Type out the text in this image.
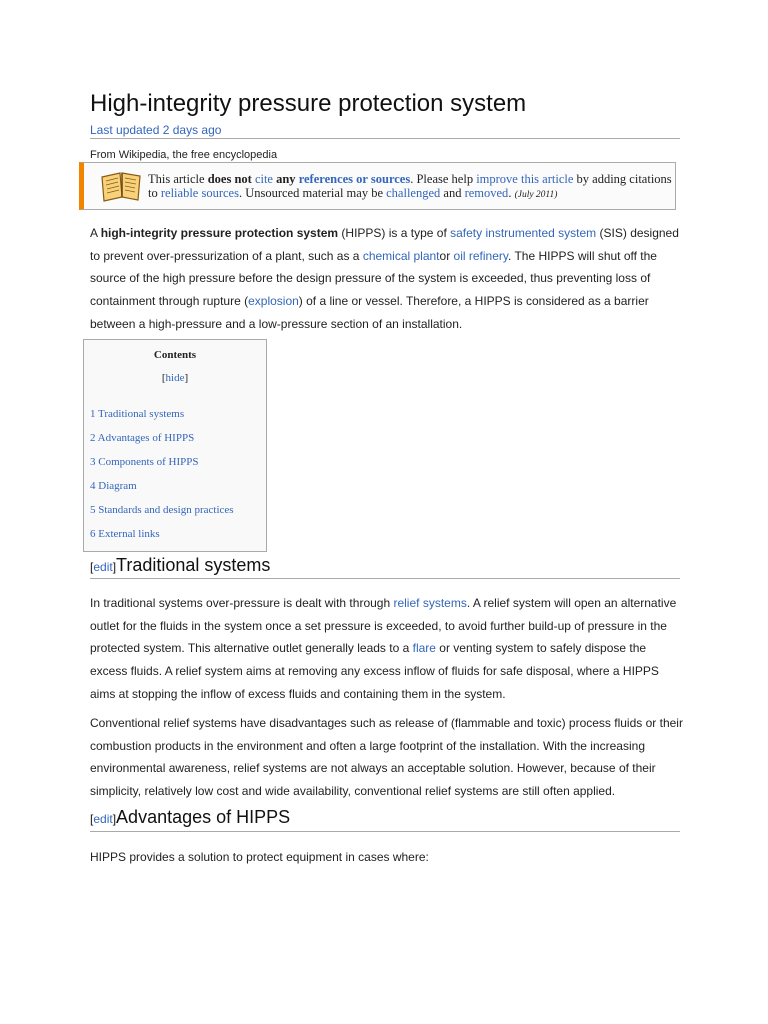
High-integrity pressure protection system
Last updated 2 days ago
From Wikipedia, the free encyclopedia
This article does not cite any references or sources. Please help improve this article by adding citations to reliable sources. Unsourced material may be challenged and removed. (July 2011)
A high-integrity pressure protection system (HIPPS) is a type of safety instrumented system (SIS) designed to prevent over-pressurization of a plant, such as a chemical plantor oil refinery. The HIPPS will shut off the source of the high pressure before the design pressure of the system is exceeded, thus preventing loss of containment through rupture (explosion) of a line or vessel. Therefore, a HIPPS is considered as a barrier between a high-pressure and a low-pressure section of an installation.
Contents
[hide]
1 Traditional systems
2 Advantages of HIPPS
3 Components of HIPPS
4 Diagram
5 Standards and design practices
6 External links
[edit]Traditional systems
In traditional systems over-pressure is dealt with through relief systems. A relief system will open an alternative outlet for the fluids in the system once a set pressure is exceeded, to avoid further build-up of pressure in the protected system. This alternative outlet generally leads to a flare or venting system to safely dispose the excess fluids. A relief system aims at removing any excess inflow of fluids for safe disposal, where a HIPPS aims at stopping the inflow of excess fluids and containing them in the system.
Conventional relief systems have disadvantages such as release of (flammable and toxic) process fluids or their combustion products in the environment and often a large footprint of the installation. With the increasing environmental awareness, relief systems are not always an acceptable solution. However, because of their simplicity, relatively low cost and wide availability, conventional relief systems are still often applied.
[edit]Advantages of HIPPS
HIPPS provides a solution to protect equipment in cases where:
